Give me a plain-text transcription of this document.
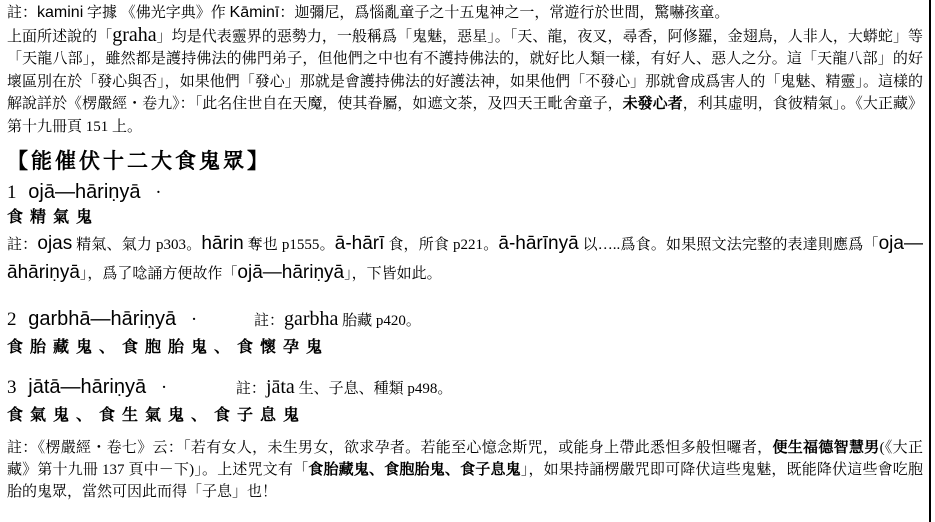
註：kamini 字據 《佛光字典》作 Kāminī：迦彌尼，爲惱亂童子之十五鬼神之一，常遊行於世間，驚嚇孩童。
上面所述說的「graha」均是代表靈界的惡勢力，一般稱爲「鬼魅，惡星」。「天、龍，夜叉，尋香，阿修羅，金翅鳥，人非人，大蟒蛇」等「天龍八部」，雖然都是護持佛法的佛門弟子，但他們之中也有不護持佛法的，就好比人類一樣，有好人、惡人之分。這「天龍八部」的好壞區別在於「發心與否」，如果他們「發心」那就是會護持佛法的好護法神，如果他們「不發心」那就會成爲害人的「鬼魅、精靈」。這樣的解說詳於《楞嚴經・卷九》：「此名住世自在天魔，使其眷屬，如遮文茶，及四天王毗舍童子，未發心者，利其虛明，食彼精氣」。《大正藏》第十九冊頁 151 上。
【能催伏十二大食鬼眾】
1 ojā—hāriṇyā ·
食精氣鬼
註：ojas 精氣、氣力 p303。hārin 奪也 p1555。ā-hārī 食，所食 p221。ā-hārīnyā 以…..爲食。如果照文法完整的表達則應爲「oja—āhāriṇyā」，爲了唸誦方便故作「ojā—hāriṇyā」，下皆如此。
2 garbhā—hāriṇyā ·	註：garbha 胎藏 p420。
食胎藏鬼、食胞胎鬼、食懷孕鬼
3 jātā—hāriṇyā ·	註：jāta 生、子息、種類 p498。
食氣鬼、食生氣鬼、食子息鬼
註：《楞嚴經・卷七》云：「若有女人，未生男女，欲求孕者。若能至心憶念斯咒，或能身上帶此悉怛多般怛囉者，便生福德智慧男(《大正藏》第十九冊 137 頁中－下)」。上述咒文有「食胎藏鬼、食胞胎鬼、食子息鬼」，如果持誦楞嚴咒即可降伏這些鬼魅，既能降伏這些會吃胞胎的鬼眾，當然可因此而得「子息」也！
